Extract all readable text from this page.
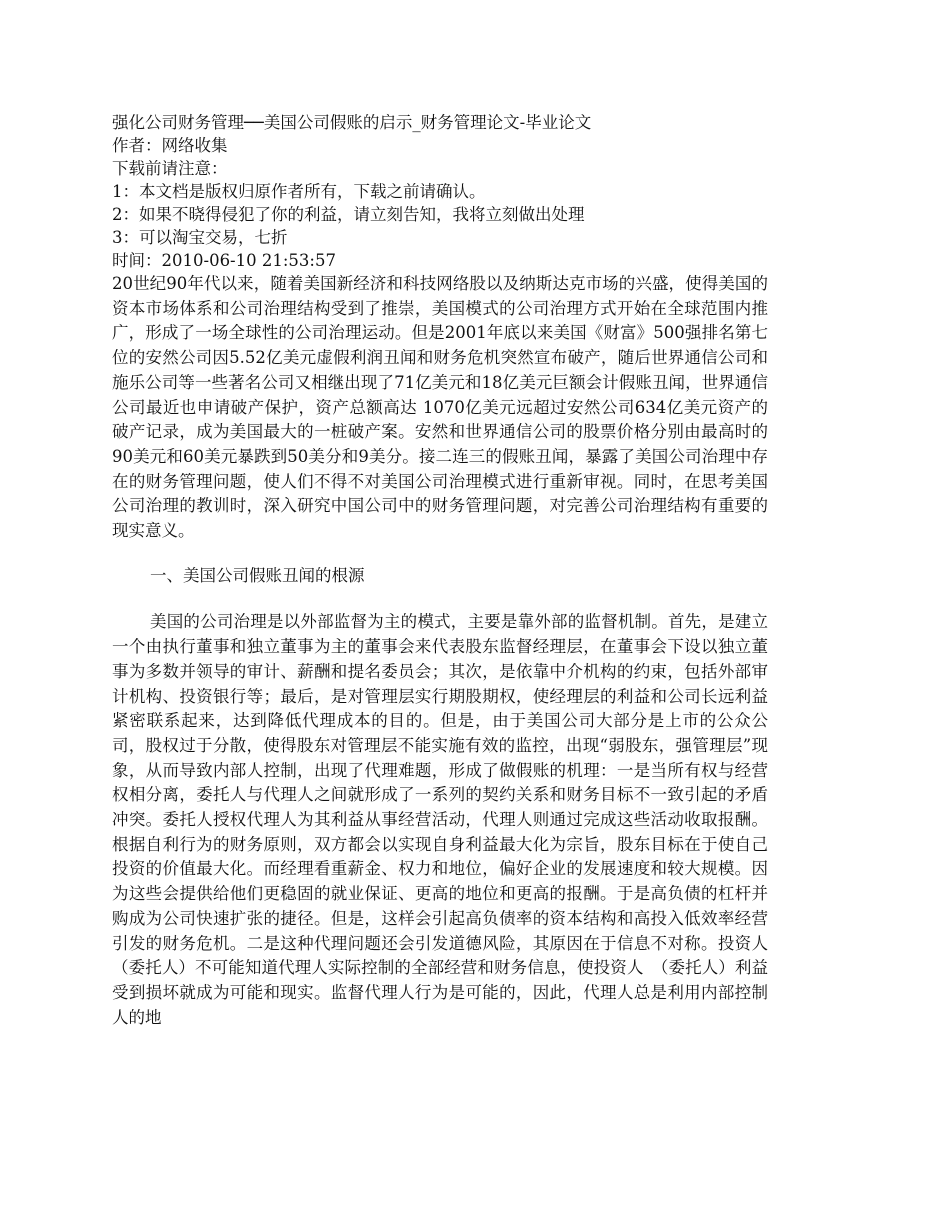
强化公司财务管理──美国公司假账的启示_财务管理论文-毕业论文
作者：网络收集
下载前请注意：
1：本文档是版权归原作者所有，下载之前请确认。
2：如果不晓得侵犯了你的利益，请立刻告知，我将立刻做出处理
3：可以淘宝交易，七折
时间：2010-06-10 21:53:57

20世纪90年代以来，随着美国新经济和科技网络股以及纳斯达克市场的兴盛，使得美国的资本市场体系和公司治理结构受到了推崇，美国模式的公司治理方式开始在全球范围内推广，形成了一场全球性的公司治理运动。但是2001年底以来美国《财富》500强排名第七位的安然公司因5.52亿美元虚假利润丑闻和财务危机突然宣布破产，随后世界通信公司和施乐公司等一些著名公司又相继出现了71亿美元和18亿美元巨额会计假账丑闻，世界通信公司最近也申请破产保护，资产总额高达 1070亿美元远超过安然公司634亿美元资产的破产记录，成为美国最大的一桩破产案。安然和世界通信公司的股票价格分别由最高时的90美元和60美元暴跌到50美分和9美分。接二连三的假账丑闻，暴露了美国公司治理中存在的财务管理问题，使人们不得不对美国公司治理模式进行重新审视。同时，在思考美国公司治理的教训时，深入研究中国公司中的财务管理问题，对完善公司治理结构有重要的现实意义。

一、美国公司假账丑闻的根源

美国的公司治理是以外部监督为主的模式，主要是靠外部的监督机制。首先，是建立一个由执行董事和独立董事为主的董事会来代表股东监督经理层，在董事会下设以独立董事为多数并领导的审计、薪酬和提名委员会；其次，是依靠中介机构的约束，包括外部审计机构、投资银行等；最后，是对管理层实行期股期权，使经理层的利益和公司长远利益紧密联系起来，达到降低代理成本的目的。但是，由于美国公司大部分是上市的公众公司，股权过于分散，使得股东对管理层不能实施有效的监控，出现“弱股东，强管理层”现象，从而导致内部人控制，出现了代理难题，形成了做假账的机理：一是当所有权与经营权相分离，委托人与代理人之间就形成了一系列的契约关系和财务目标不一致引起的矛盾冲突。委托人授权代理人为其利益从事经营活动，代理人则通过完成这些活动收取报酬。根据自利行为的财务原则，双方都会以实现自身利益最大化为宗旨，股东目标在于使自己投资的价值最大化。而经理看重薪金、权力和地位，偏好企业的发展速度和较大规模。因为这些会提供给他们更稳固的就业保证、更高的地位和更高的报酬。于是高负债的杠杆并购成为公司快速扩张的捷径。但是，这样会引起高负债率的资本结构和高投入低效率经营引发的财务危机。二是这种代理问题还会引发道德风险，其原因在于信息不对称。投资人（委托人）不可能知道代理人实际控制的全部经营和财务信息，使投资人　（委托人）利益受到损坏就成为可能和现实。监督代理人行为是可能的，因此，代理人总是利用内部控制人的地
